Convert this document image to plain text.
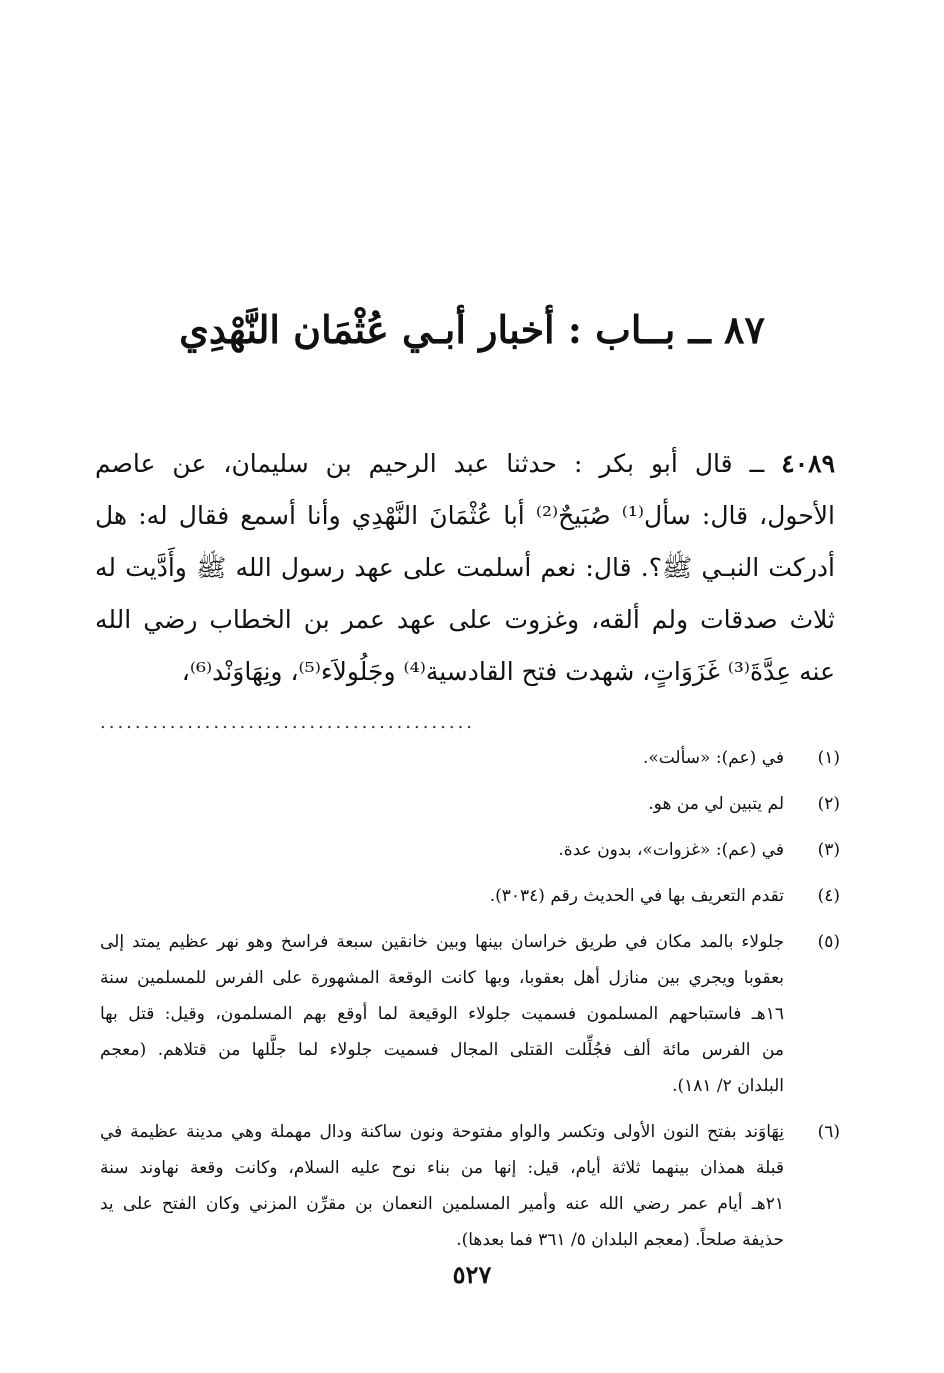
٨٧ ــ بــاب : أخبار أبـي عُثْمَان النَّهْدِي
٤٠٨٩ ــ قال أبو بكر : حدثنا عبد الرحيم بن سليمان، عن عاصم
الأحول، قال: سأل⁽¹⁾ صُبَيحٌ⁽²⁾ أبا عُثْمَانَ النَّهْدِي وأنا أسمع فقال له: هل
أدركت النبـي ﷺ؟. قال: نعم أسلمت على عهد رسول الله ﷺ وأَدَّيت له
ثلاث صدقات ولم ألقه، وغزوت على عهد عمر بن الخطاب رضي الله
عنه عِدَّةَ⁽³⁾ غَزَوَاتٍ، شهدت فتح القادسية⁽⁴⁾ وجَلُولاَء⁽⁵⁾، ونِهَاوَنْد⁽⁶⁾،
...........................................
(١)
في (عم): «سألت».
(٢)
لم يتبين لي من هو.
(٣)
في (عم): «غزوات»، بدون عدة.
(٤)
تقدم التعريف بها في الحديث رقم (٣٠٣٤).
(٥)
جلولاء بالمد مكان في طريق خراسان بينها وبين خانقين سبعة فراسخ وهو نهر عظيم يمتد إلى
بعقوبا ويجري بين منازل أهل بعقوبا، وبها كانت الوقعة المشهورة على الفرس للمسلمين سنة
١٦هـ فاستباحهم المسلمون فسميت جلولاء الوقيعة لما أوقع بهم المسلمون، وقيل: قتل بها
من الفرس مائة ألف فجُلِّلت القتلى المجال فسميت جلولاء لما جلَّلها من قتلاهم. (معجم
البلدان ٢/ ١٨١).
(٦)
نِهَاوَند بفتح النون الأولى وتكسر والواو مفتوحة ونون ساكنة ودال مهملة وهي مدينة عظيمة في
قبلة همذان بينهما ثلاثة أيام، قيل: إنها من بناء نوح عليه السلام، وكانت وقعة نهاوند سنة
٢١هـ أيام عمر رضي الله عنه وأمير المسلمين النعمان بن مقرِّن المزني وكان الفتح على يد
حذيفة صلحاً. (معجم البلدان ٥/ ٣٦١ فما بعدها).
٥٢٧
